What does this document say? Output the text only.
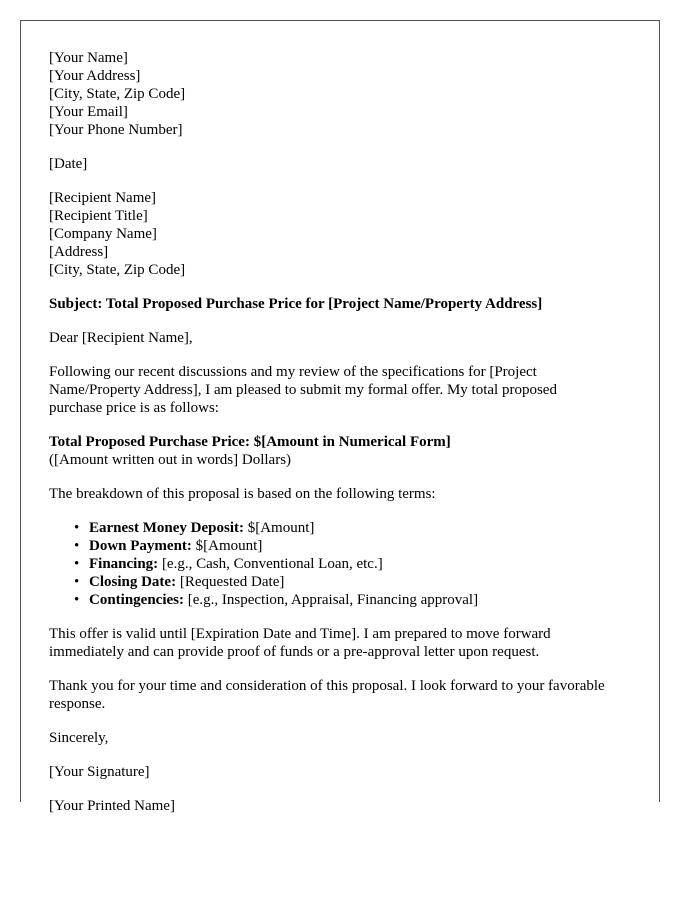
[Your Name]
[Your Address]
[City, State, Zip Code]
[Your Email]
[Your Phone Number]
[Date]
[Recipient Name]
[Recipient Title]
[Company Name]
[Address]
[City, State, Zip Code]
Subject: Total Proposed Purchase Price for [Project Name/Property Address]
Dear [Recipient Name],
Following our recent discussions and my review of the specifications for [Project Name/Property Address], I am pleased to submit my formal offer. My total proposed purchase price is as follows:
Total Proposed Purchase Price: $[Amount in Numerical Form]
([Amount written out in words] Dollars)
The breakdown of this proposal is based on the following terms:
• Earnest Money Deposit: $[Amount]
• Down Payment: $[Amount]
• Financing: [e.g., Cash, Conventional Loan, etc.]
• Closing Date: [Requested Date]
• Contingencies: [e.g., Inspection, Appraisal, Financing approval]
This offer is valid until [Expiration Date and Time]. I am prepared to move forward immediately and can provide proof of funds or a pre-approval letter upon request.
Thank you for your time and consideration of this proposal. I look forward to your favorable response.
Sincerely,
[Your Signature]
[Your Printed Name]
